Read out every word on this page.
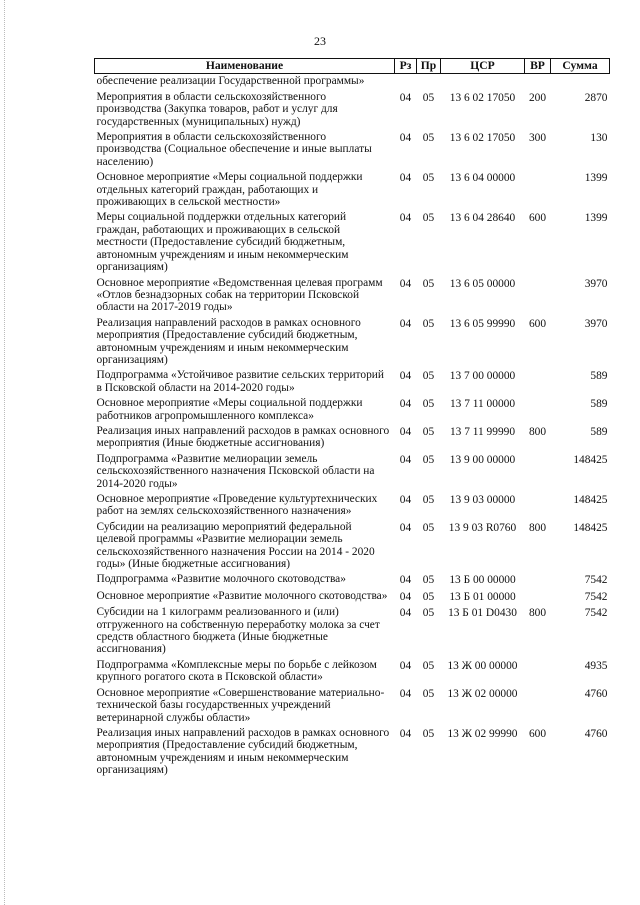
23
Наименование	Рз	Пр	ЦСР	ВР	Сумма
обеспечение реализации Государственной программы»					
Мероприятия в области сельскохозяйственного производства (Закупка товаров, работ и услуг для государственных (муниципальных) нужд)	04	05	13 6 02 17050	200	2870
Мероприятия в области сельскохозяйственного производства (Социальное обеспечение и иные выплаты населению)	04	05	13 6 02 17050	300	130
Основное мероприятие «Меры социальной поддержки отдельных категорий граждан, работающих и проживающих в сельской местности»	04	05	13 6 04 00000		1399
Меры социальной поддержки отдельных категорий граждан, работающих и проживающих в сельской местности (Предоставление субсидий бюджетным, автономным учреждениям и иным некоммерческим организациям)	04	05	13 6 04 28640	600	1399
Основное мероприятие «Ведомственная целевая программ «Отлов безнадзорных собак на территории Псковской области на 2017-2019 годы»	04	05	13 6 05 00000		3970
Реализация направлений расходов в рамках основного мероприятия (Предоставление субсидий бюджетным, автономным учреждениям и иным некоммерческим организациям)	04	05	13 6 05 99990	600	3970
Подпрограмма «Устойчивое развитие сельских территорий в Псковской области на 2014-2020 годы»	04	05	13 7 00 00000		589
Основное мероприятие «Меры социальной поддержки работников агропромышленного комплекса»	04	05	13 7 11 00000		589
Реализация иных направлений расходов в рамках основного мероприятия (Иные бюджетные ассигнования)	04	05	13 7 11 99990	800	589
Подпрограмма «Развитие мелиорации земель сельскохозяйственного назначения Псковской области на 2014-2020 годы»	04	05	13 9 00 00000		148425
Основное мероприятие «Проведение культуртехнических работ на землях сельскохозяйственного назначения»	04	05	13 9 03 00000		148425
Субсидии на реализацию мероприятий федеральной целевой программы «Развитие мелиорации земель сельскохозяйственного назначения России на 2014 - 2020 годы» (Иные бюджетные ассигнования)	04	05	13 9 03 R0760	800	148425
Подпрограмма «Развитие молочного скотоводства»	04	05	13 Б 00 00000		7542
Основное мероприятие «Развитие молочного скотоводства»	04	05	13 Б 01 00000		7542
Субсидии на 1 килограмм реализованного и (или) отгруженного на собственную переработку молока за счет средств областного бюджета (Иные бюджетные ассигнования)	04	05	13 Б 01 D0430	800	7542
Подпрограмма «Комплексные меры по борьбе с лейкозом крупного рогатого скота в Псковской области»	04	05	13 Ж 00 00000		4935
Основное мероприятие «Совершенствование материально-технической базы государственных учреждений ветеринарной службы области»	04	05	13 Ж 02 00000		4760
Реализация иных направлений расходов в рамках основного мероприятия (Предоставление субсидий бюджетным, автономным учреждениям и иным некоммерческим организациям)	04	05	13 Ж 02 99990	600	4760
